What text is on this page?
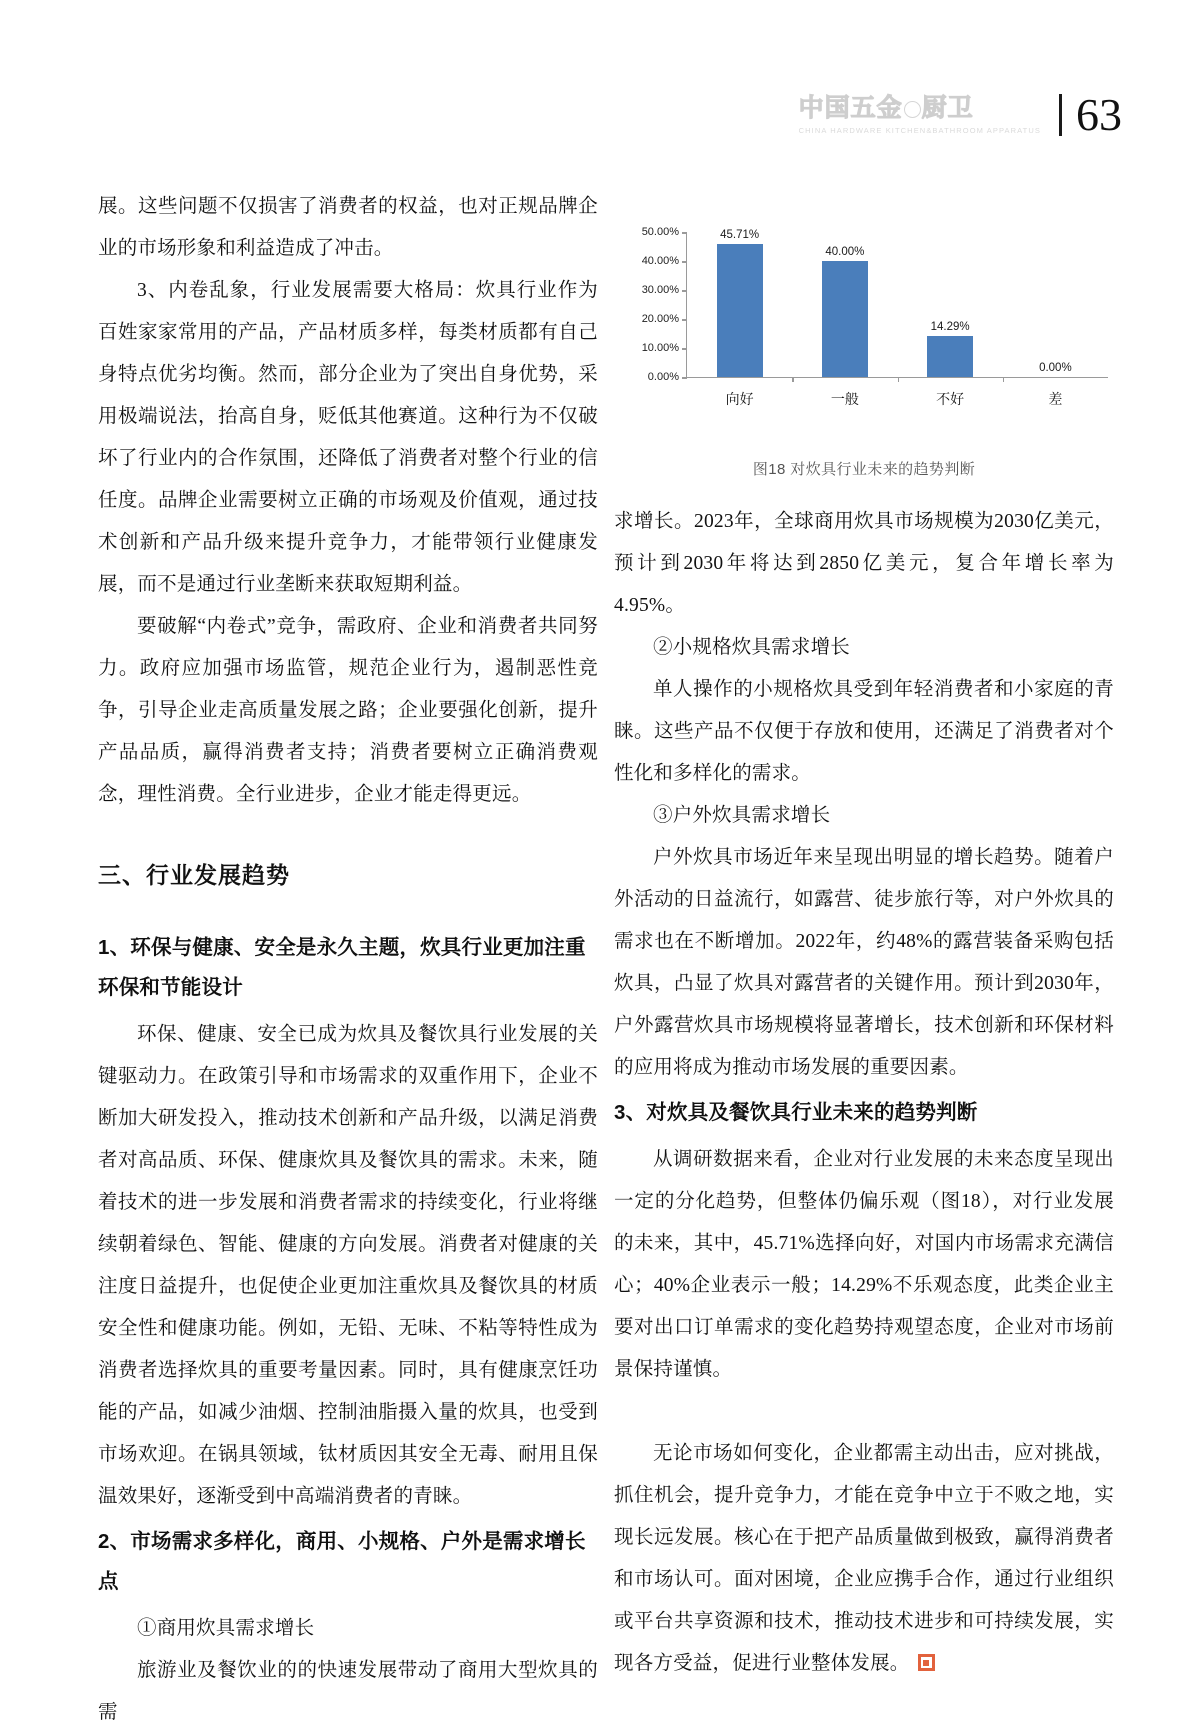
中国五金 厨卫
CHINA HARDWARE KITCHEN&BATHROOM APPARATUS 63

展。这些问题不仅损害了消费者的权益，也对正规品牌企业的市场形象和利益造成了冲击。

3、内卷乱象，行业发展需要大格局：炊具行业作为百姓家家常用的产品，产品材质多样，每类材质都有自己身特点优劣均衡。然而，部分企业为了突出自身优势，采用极端说法，抬高自身，贬低其他赛道。这种行为不仅破坏了行业内的合作氛围，还降低了消费者对整个行业的信任度。品牌企业需要树立正确的市场观及价值观，通过技术创新和产品升级来提升竞争力，才能带领行业健康发展，而不是通过行业垄断来获取短期利益。

要破解“内卷式”竞争，需政府、企业和消费者共同努力。政府应加强市场监管，规范企业行为，遏制恶性竞争，引导企业走高质量发展之路；企业要强化创新，提升产品品质，赢得消费者支持；消费者要树立正确消费观念，理性消费。全行业进步，企业才能走得更远。

三、行业发展趋势
1、环保与健康、安全是永久主题，炊具行业更加注重环保和节能设计

环保、健康、安全已成为炊具及餐饮具行业发展的关键驱动力。在政策引导和市场需求的双重作用下，企业不断加大研发投入，推动技术创新和产品升级，以满足消费者对高品质、环保、健康炊具及餐饮具的需求。未来，随着技术的进一步发展和消费者需求的持续变化，行业将继续朝着绿色、智能、健康的方向发展。消费者对健康的关注度日益提升，也促使企业更加注重炊具及餐饮具的材质安全性和健康功能。例如，无铅、无味、不粘等特性成为消费者选择炊具的重要考量因素。同时，具有健康烹饪功能的产品，如减少油烟、控制油脂摄入量的炊具，也受到市场欢迎。在锅具领域，钛材质因其安全无毒、耐用且保温效果好，逐渐受到中高端消费者的青睐。

2、市场需求多样化，商用、小规格、户外是需求增长点

①商用炊具需求增长

旅游业及餐饮业的的快速发展带动了商用大型炊具的需

0.00%
10.00%
20.00%
30.00%
40.00%
50.00%	45.71%
向好
40.00%
一般
14.29%
不好
0.00%
差
图18 对炊具行业未来的趋势判断

求增长。2023年，全球商用炊具市场规模为2030亿美元，预计到2030年将达到2850亿美元，复合年增长率为4.95%。

②小规格炊具需求增长

单人操作的小规格炊具受到年轻消费者和小家庭的青睐。这些产品不仅便于存放和使用，还满足了消费者对个性化和多样化的需求。

③户外炊具需求增长

户外炊具市场近年来呈现出明显的增长趋势。随着户外活动的日益流行，如露营、徒步旅行等，对户外炊具的需求也在不断增加。2022年，约48%的露营装备采购包括炊具，凸显了炊具对露营者的关键作用。预计到2030年，户外露营炊具市场规模将显著增长，技术创新和环保材料的应用将成为推动市场发展的重要因素。

3、对炊具及餐饮具行业未来的趋势判断

从调研数据来看，企业对行业发展的未来态度呈现出一定的分化趋势，但整体仍偏乐观（图18），对行业发展的未来，其中，45.71%选择向好，对国内市场需求充满信心；40%企业表示一般；14.29%不乐观态度，此类企业主要对出口订单需求的变化趋势持观望态度，企业对市场前景保持谨慎。

无论市场如何变化，企业都需主动出击，应对挑战，抓住机会，提升竞争力，才能在竞争中立于不败之地，实现长远发展。核心在于把产品质量做到极致，赢得消费者和市场认可。面对困境，企业应携手合作，通过行业组织或平台共享资源和技术，推动技术进步和可持续发展，实现各方受益，促进行业整体发展。
